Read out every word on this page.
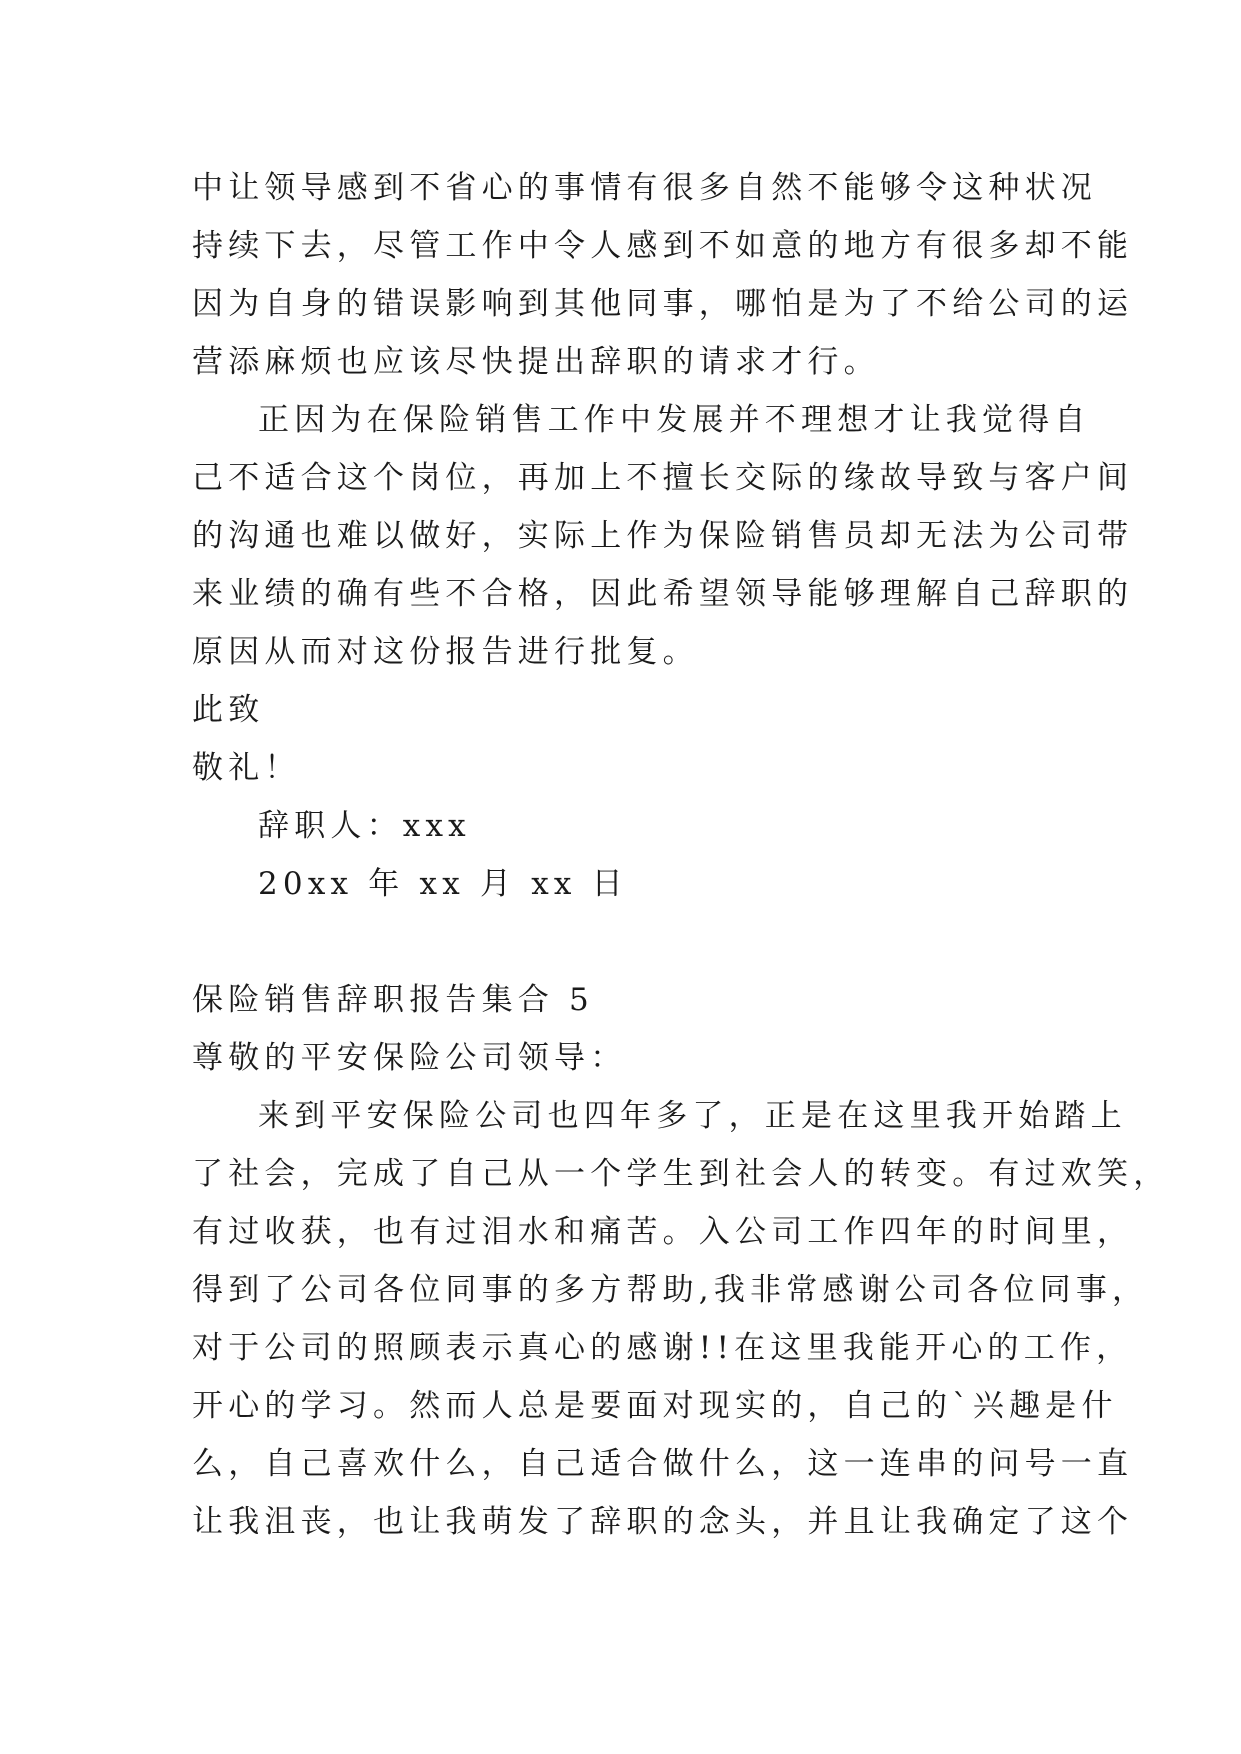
中让领导感到不省心的事情有很多自然不能够令这种状况
持续下去，尽管工作中令人感到不如意的地方有很多却不能
因为自身的错误影响到其他同事，哪怕是为了不给公司的运
营添麻烦也应该尽快提出辞职的请求才行。
正因为在保险销售工作中发展并不理想才让我觉得自
己不适合这个岗位，再加上不擅长交际的缘故导致与客户间
的沟通也难以做好，实际上作为保险销售员却无法为公司带
来业绩的确有些不合格，因此希望领导能够理解自己辞职的
原因从而对这份报告进行批复。
此致
敬礼！
辞职人：xxx
20xx 年 xx 月 xx 日
保险销售辞职报告集合 5
尊敬的平安保险公司领导：
来到平安保险公司也四年多了，正是在这里我开始踏上
了社会，完成了自己从一个学生到社会人的转变。有过欢笑，
有过收获，也有过泪水和痛苦。入公司工作四年的时间里，
得到了公司各位同事的多方帮助,我非常感谢公司各位同事，
对于公司的照顾表示真心的感谢!!在这里我能开心的工作，
开心的学习。然而人总是要面对现实的，自己的`兴趣是什
么，自己喜欢什么，自己适合做什么，这一连串的问号一直
让我沮丧，也让我萌发了辞职的念头，并且让我确定了这个
